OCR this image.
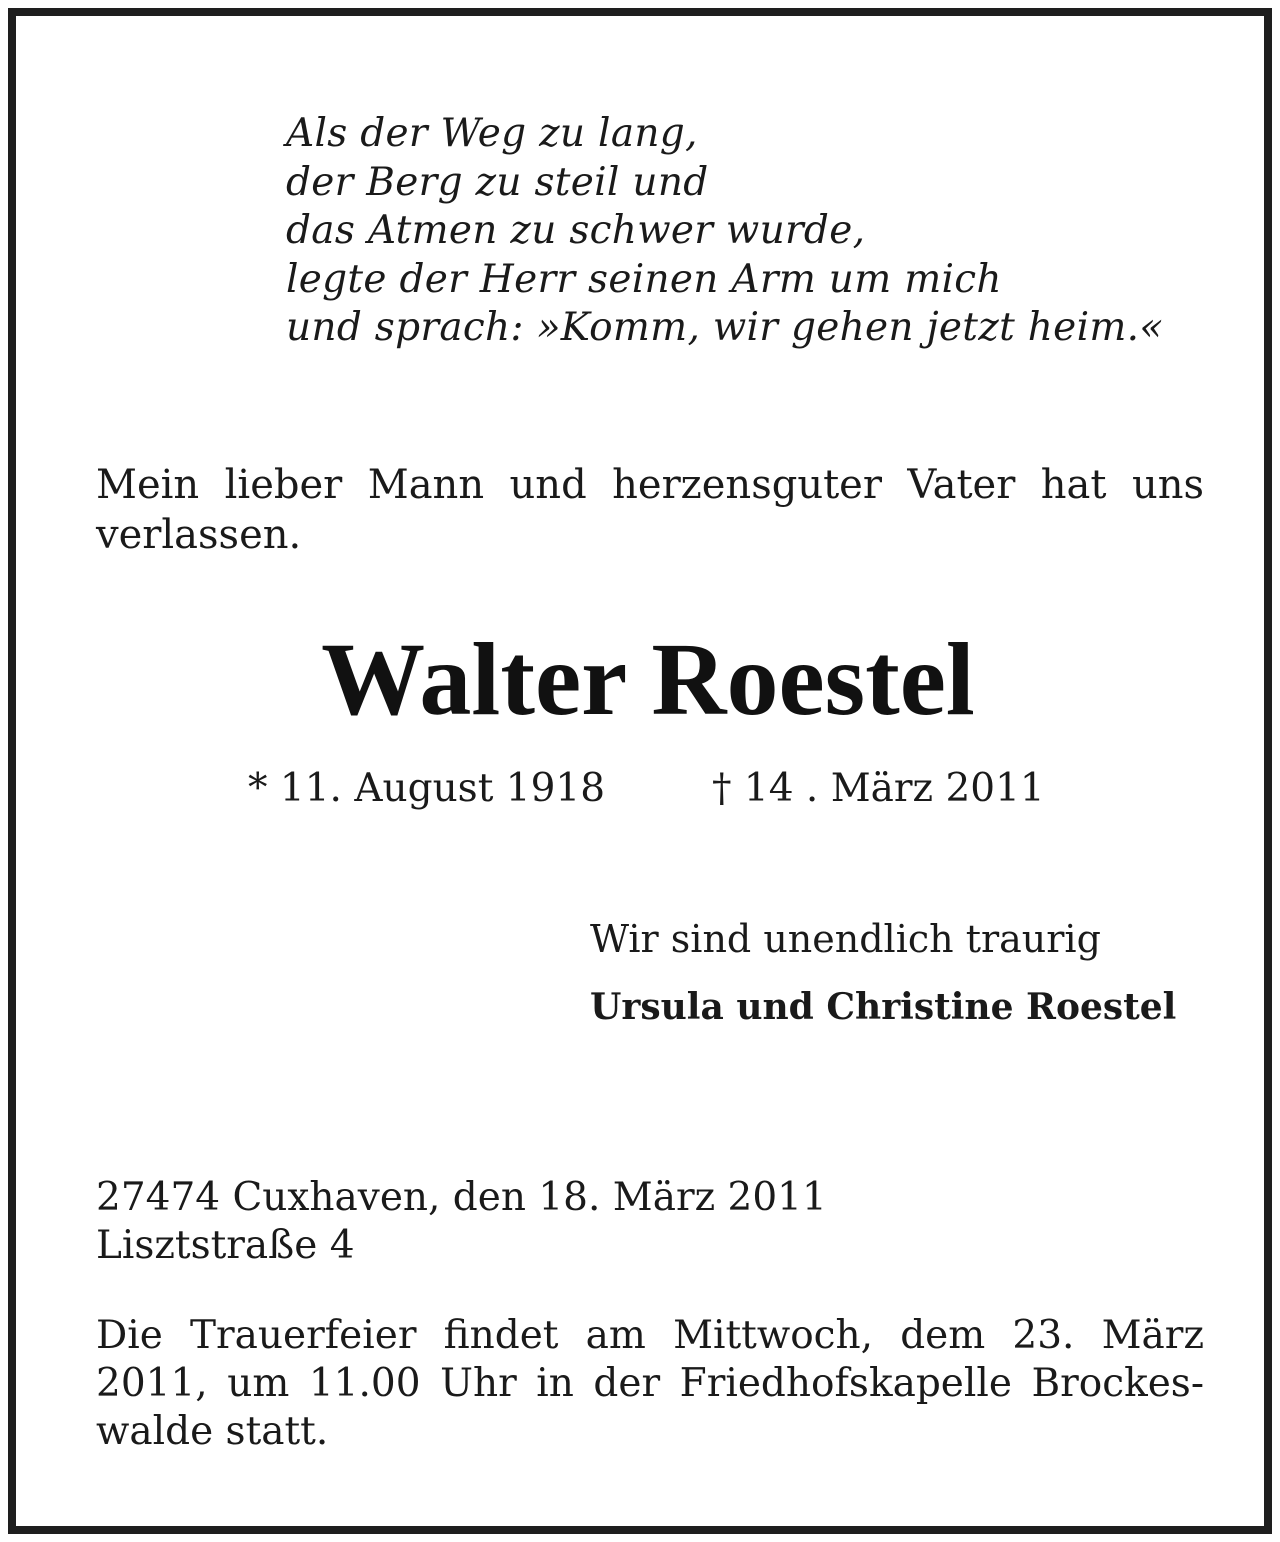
Als der Weg zu lang,
der Berg zu steil und
das Atmen zu schwer wurde,
legte der Herr seinen Arm um mich
und sprach: »Komm, wir gehen jetzt heim.«
Mein lieber Mann und herzensguter Vater hat uns
verlassen.
Walter Roestel
* 11. August 1918	† 14 . März 2011
Wir sind unendlich traurig
Ursula und Christine Roestel
27474 Cuxhaven, den 18. März 2011
Lisztstraße 4
Die Trauerfeier findet am Mittwoch, dem 23. März
2011, um 11.00 Uhr in der Friedhofskapelle Brockes-
walde statt.
